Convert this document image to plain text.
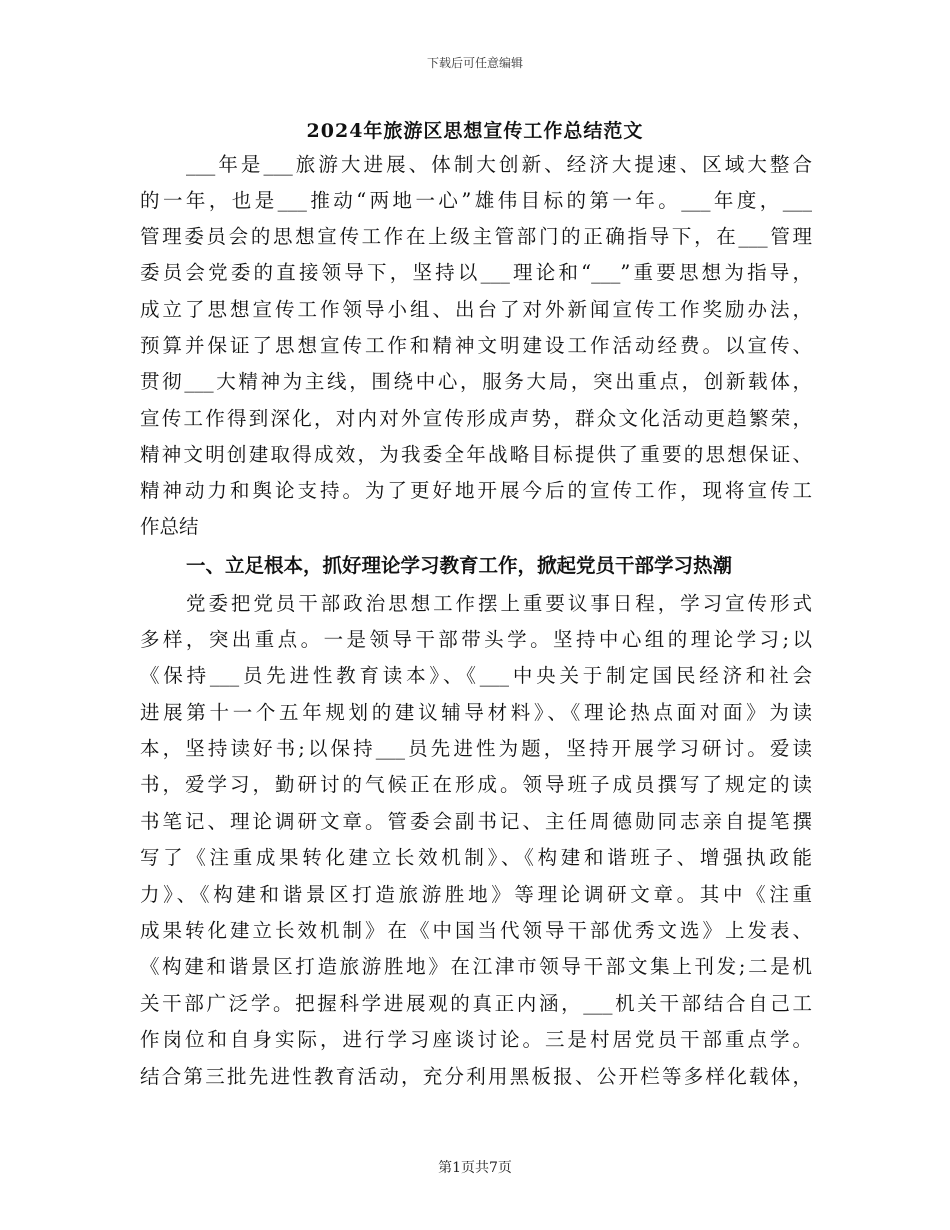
下载后可任意编辑
2024年旅游区思想宣传工作总结范文
___年是___旅游大进展、体制大创新、经济大提速、区域大整合
的一年，也是___推动“两地一心”雄伟目标的第一年。___年度，___
管理委员会的思想宣传工作在上级主管部门的正确指导下，在___管理
委员会党委的直接领导下，坚持以___理论和“___”重要思想为指导，
成立了思想宣传工作领导小组、出台了对外新闻宣传工作奖励办法，
预算并保证了思想宣传工作和精神文明建设工作活动经费。以宣传、
贯彻___大精神为主线，围绕中心，服务大局，突出重点，创新载体，
宣传工作得到深化，对内对外宣传形成声势，群众文化活动更趋繁荣，
精神文明创建取得成效，为我委全年战略目标提供了重要的思想保证、
精神动力和舆论支持。为了更好地开展今后的宣传工作，现将宣传工
作总结
一、立足根本，抓好理论学习教育工作，掀起党员干部学习热潮
党委把党员干部政治思想工作摆上重要议事日程，学习宣传形式
多样，突出重点。一是领导干部带头学。坚持中心组的理论学习;以
《保持___员先进性教育读本》、《___中央关于制定国民经济和社会
进展第十一个五年规划的建议辅导材料》、《理论热点面对面》为读
本，坚持读好书;以保持___员先进性为题，坚持开展学习研讨。爱读
书，爱学习，勤研讨的气候正在形成。领导班子成员撰写了规定的读
书笔记、理论调研文章。管委会副书记、主任周德勋同志亲自提笔撰
写了《注重成果转化建立长效机制》、《构建和谐班子、增强执政能
力》、《构建和谐景区打造旅游胜地》等理论调研文章。其中《注重
成果转化建立长效机制》在《中国当代领导干部优秀文选》上发表、
《构建和谐景区打造旅游胜地》在江津市领导干部文集上刊发;二是机
关干部广泛学。把握科学进展观的真正内涵，___机关干部结合自己工
作岗位和自身实际，进行学习座谈讨论。三是村居党员干部重点学。
结合第三批先进性教育活动，充分利用黑板报、公开栏等多样化载体，
第1页共7页
